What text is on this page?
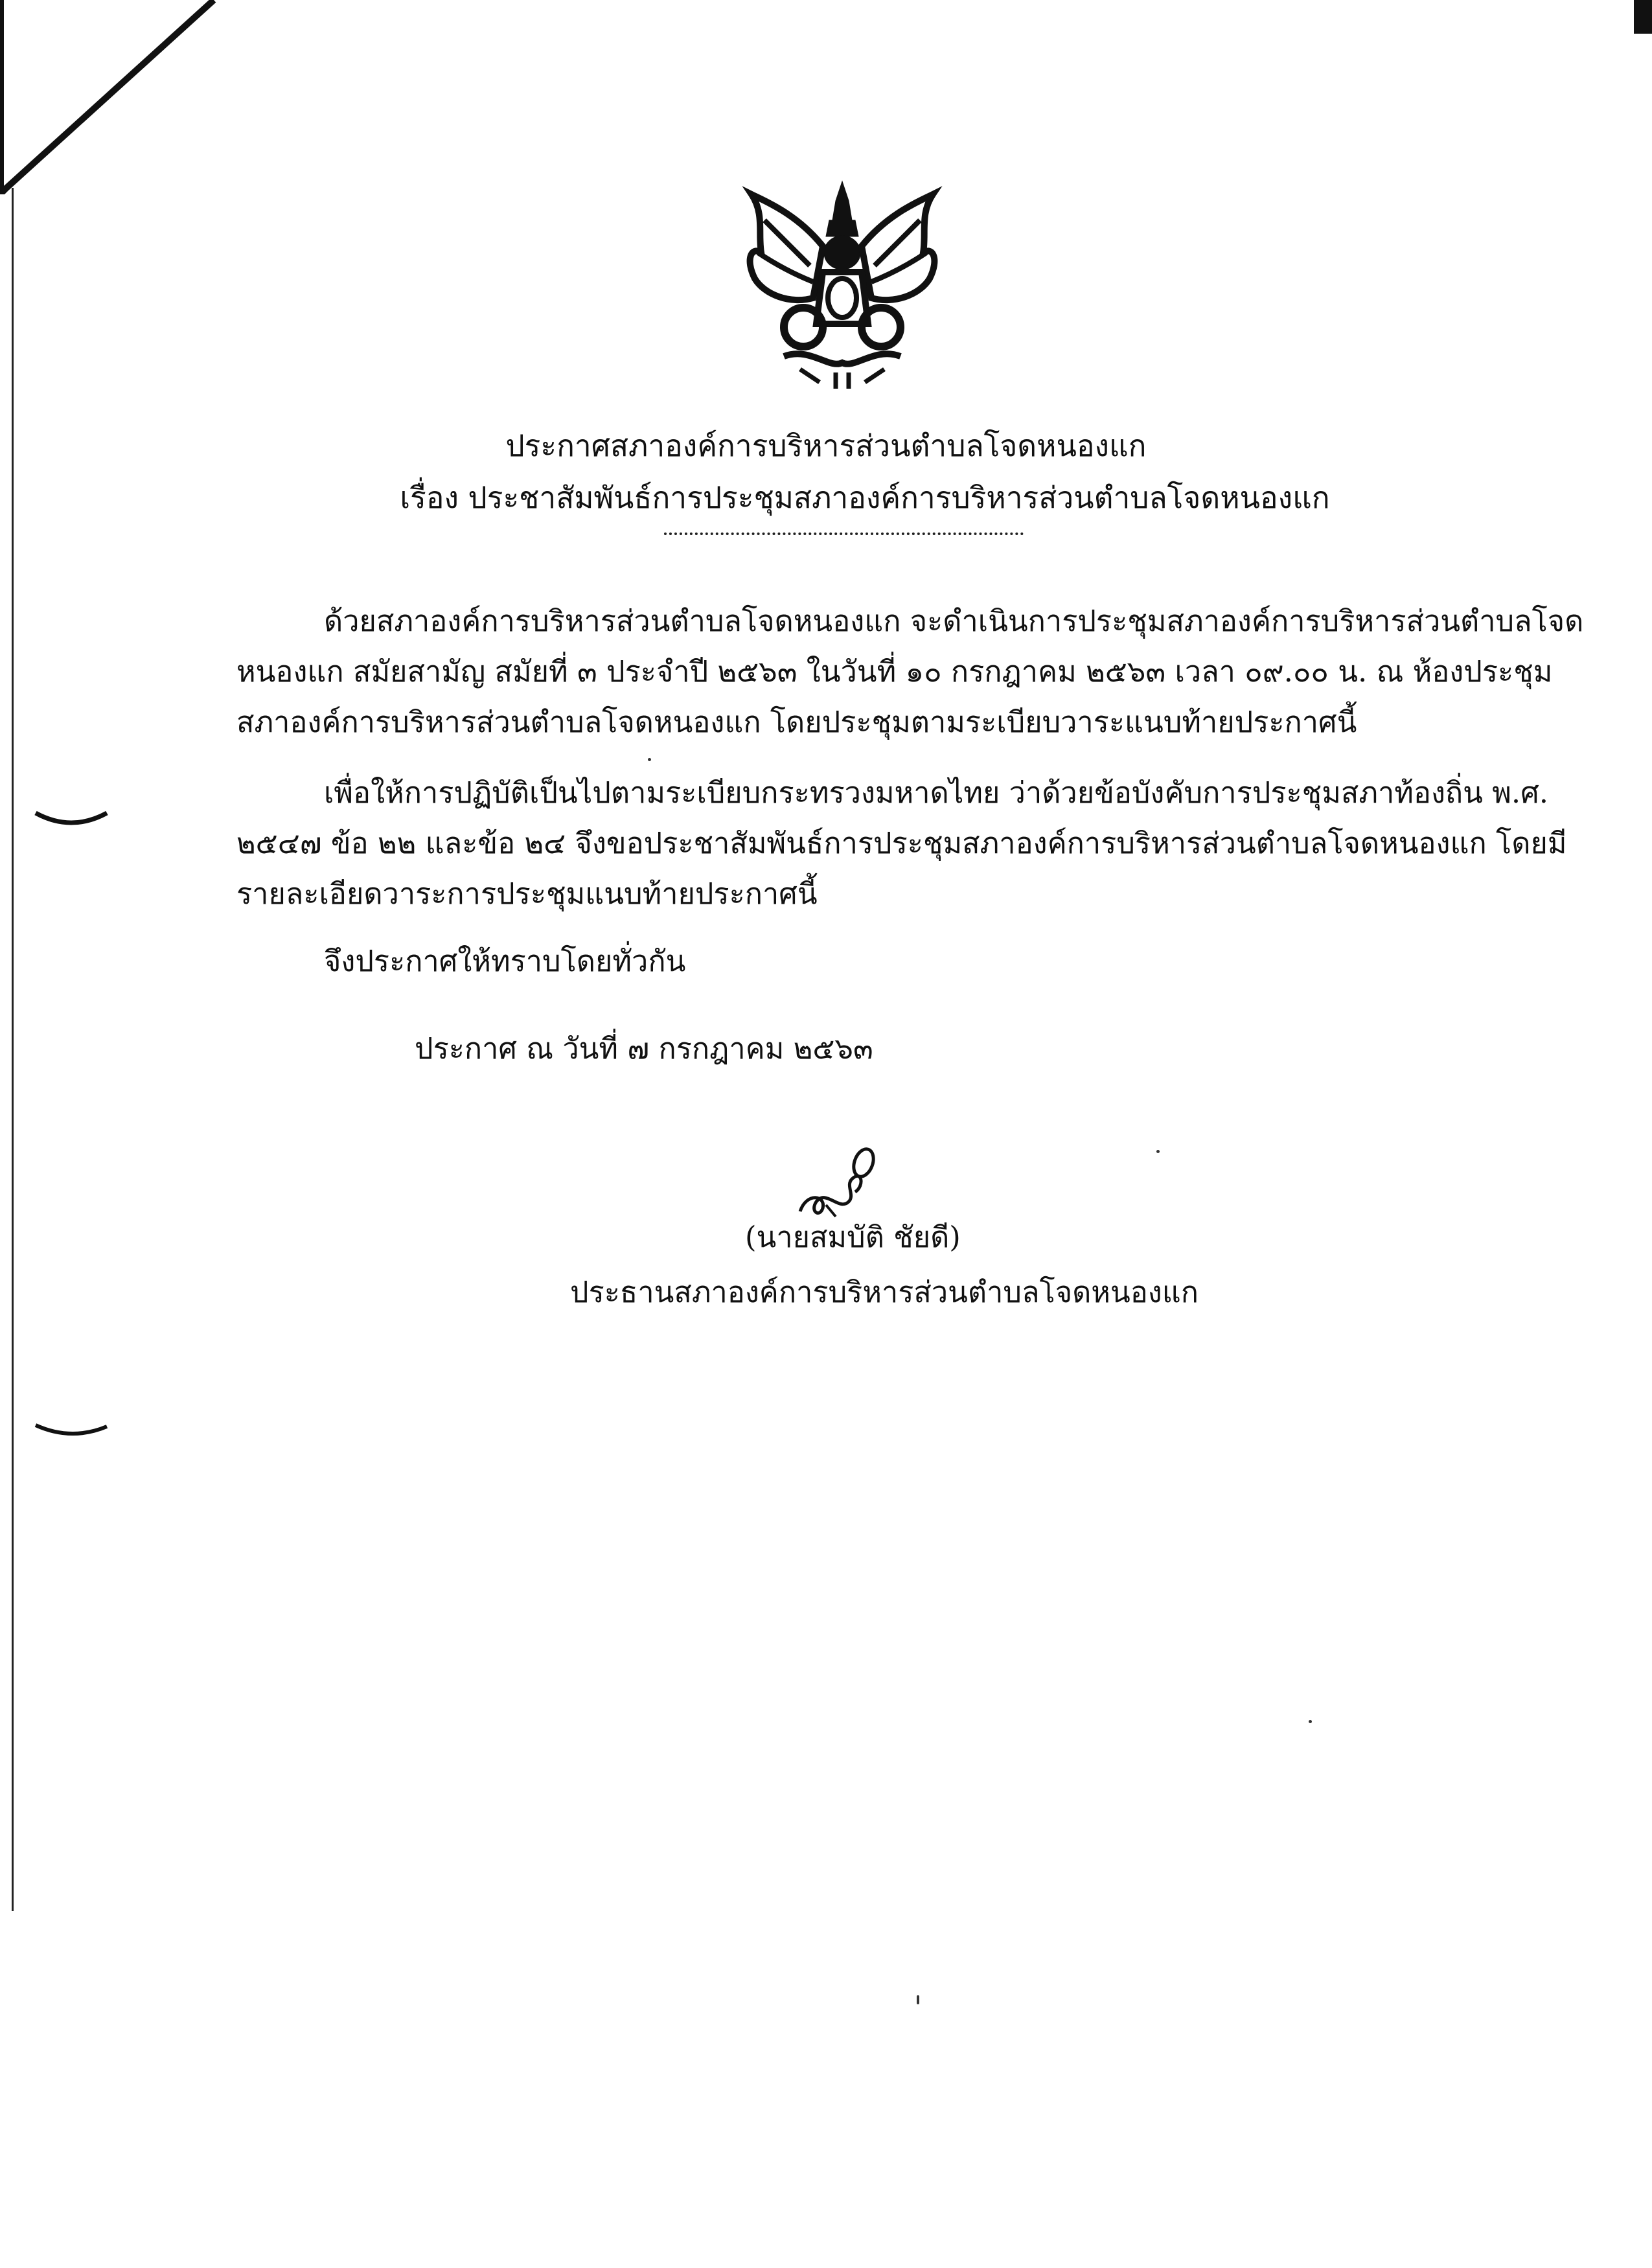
ประกาศสภาองค์การบริหารส่วนตำบลโจดหนองแก
เรื่อง ประชาสัมพันธ์การประชุมสภาองค์การบริหารส่วนตำบลโจดหนองแก
ด้วยสภาองค์การบริหารส่วนตำบลโจดหนองแก จะดำเนินการประชุมสภาองค์การบริหารส่วนตำบลโจด
หนองแก สมัยสามัญ สมัยที่ ๓ ประจำปี ๒๕๖๓ ในวันที่ ๑๐ กรกฎาคม ๒๕๖๓ เวลา ๐๙.๐๐ น. ณ ห้องประชุม
สภาองค์การบริหารส่วนตำบลโจดหนองแก โดยประชุมตามระเบียบวาระแนบท้ายประกาศนี้
เพื่อให้การปฏิบัติเป็นไปตามระเบียบกระทรวงมหาดไทย ว่าด้วยข้อบังคับการประชุมสภาท้องถิ่น พ.ศ.
๒๕๔๗ ข้อ ๒๒ และข้อ ๒๔ จึงขอประชาสัมพันธ์การประชุมสภาองค์การบริหารส่วนตำบลโจดหนองแก โดยมี
รายละเอียดวาระการประชุมแนบท้ายประกาศนี้
จึงประกาศให้ทราบโดยทั่วกัน
ประกาศ ณ วันที่ ๗ กรกฎาคม ๒๕๖๓
(นายสมบัติ ชัยดี)
ประธานสภาองค์การบริหารส่วนตำบลโจดหนองแก
